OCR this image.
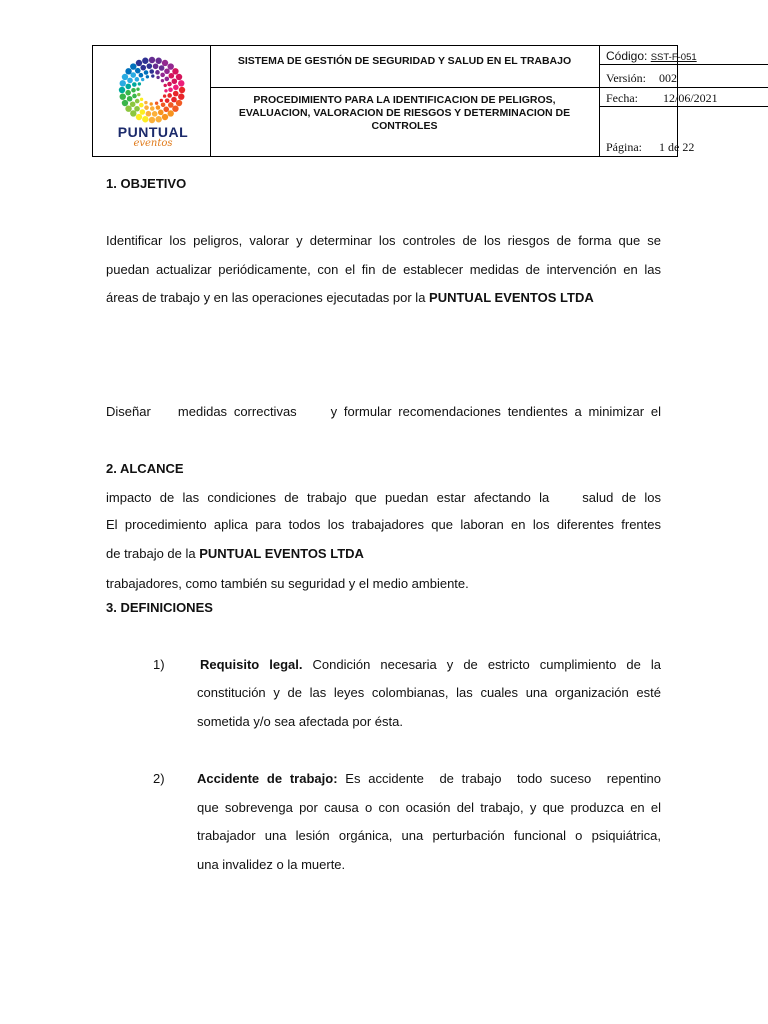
PUNTUAL
eventos
SISTEMA DE GESTIÓN DE SEGURIDAD Y SALUD EN EL TRABAJO
PROCEDIMIENTO PARA LA IDENTIFICACION DE PELIGROS, EVALUACION, VALORACION DE RIESGOS Y DETERMINACION DE CONTROLES
Código: SST-F-051
Versión: 002
Fecha: 12/06/2021
Página: 1 de 22
1. OBJETIVO
Identificar los peligros, valorar y determinar los controles de los riesgos de forma que se
puedan actualizar periódicamente, con el fin de establecer medidas de intervención en las
áreas de trabajo y en las operaciones ejecutadas por la PUNTUAL EVENTOS LTDA

Diseñar    medidas correctivas     y formular recomendaciones tendientes a minimizar el

impacto de las condiciones de trabajo que puedan estar afectando la    salud de los

trabajadores, como también su seguridad y el medio ambiente.

2. ALCANCE
El procedimiento aplica para todos los trabajadores que laboran en los diferentes frentes
de trabajo de la PUNTUAL EVENTOS LTDA
3. DEFINICIONES
1)	Requisito legal. Condición necesaria y de estricto cumplimiento de la
constitución y de las leyes colombianas, las cuales una organización esté
sometida y/o sea afectada por ésta.
2) Accidente de trabajo: Es accidente  de trabajo  todo suceso  repentino
que sobrevenga por causa o con ocasión del trabajo, y que produzca en el
trabajador una lesión orgánica, una perturbación funcional o psiquiátrica,
una invalidez o la muerte.
